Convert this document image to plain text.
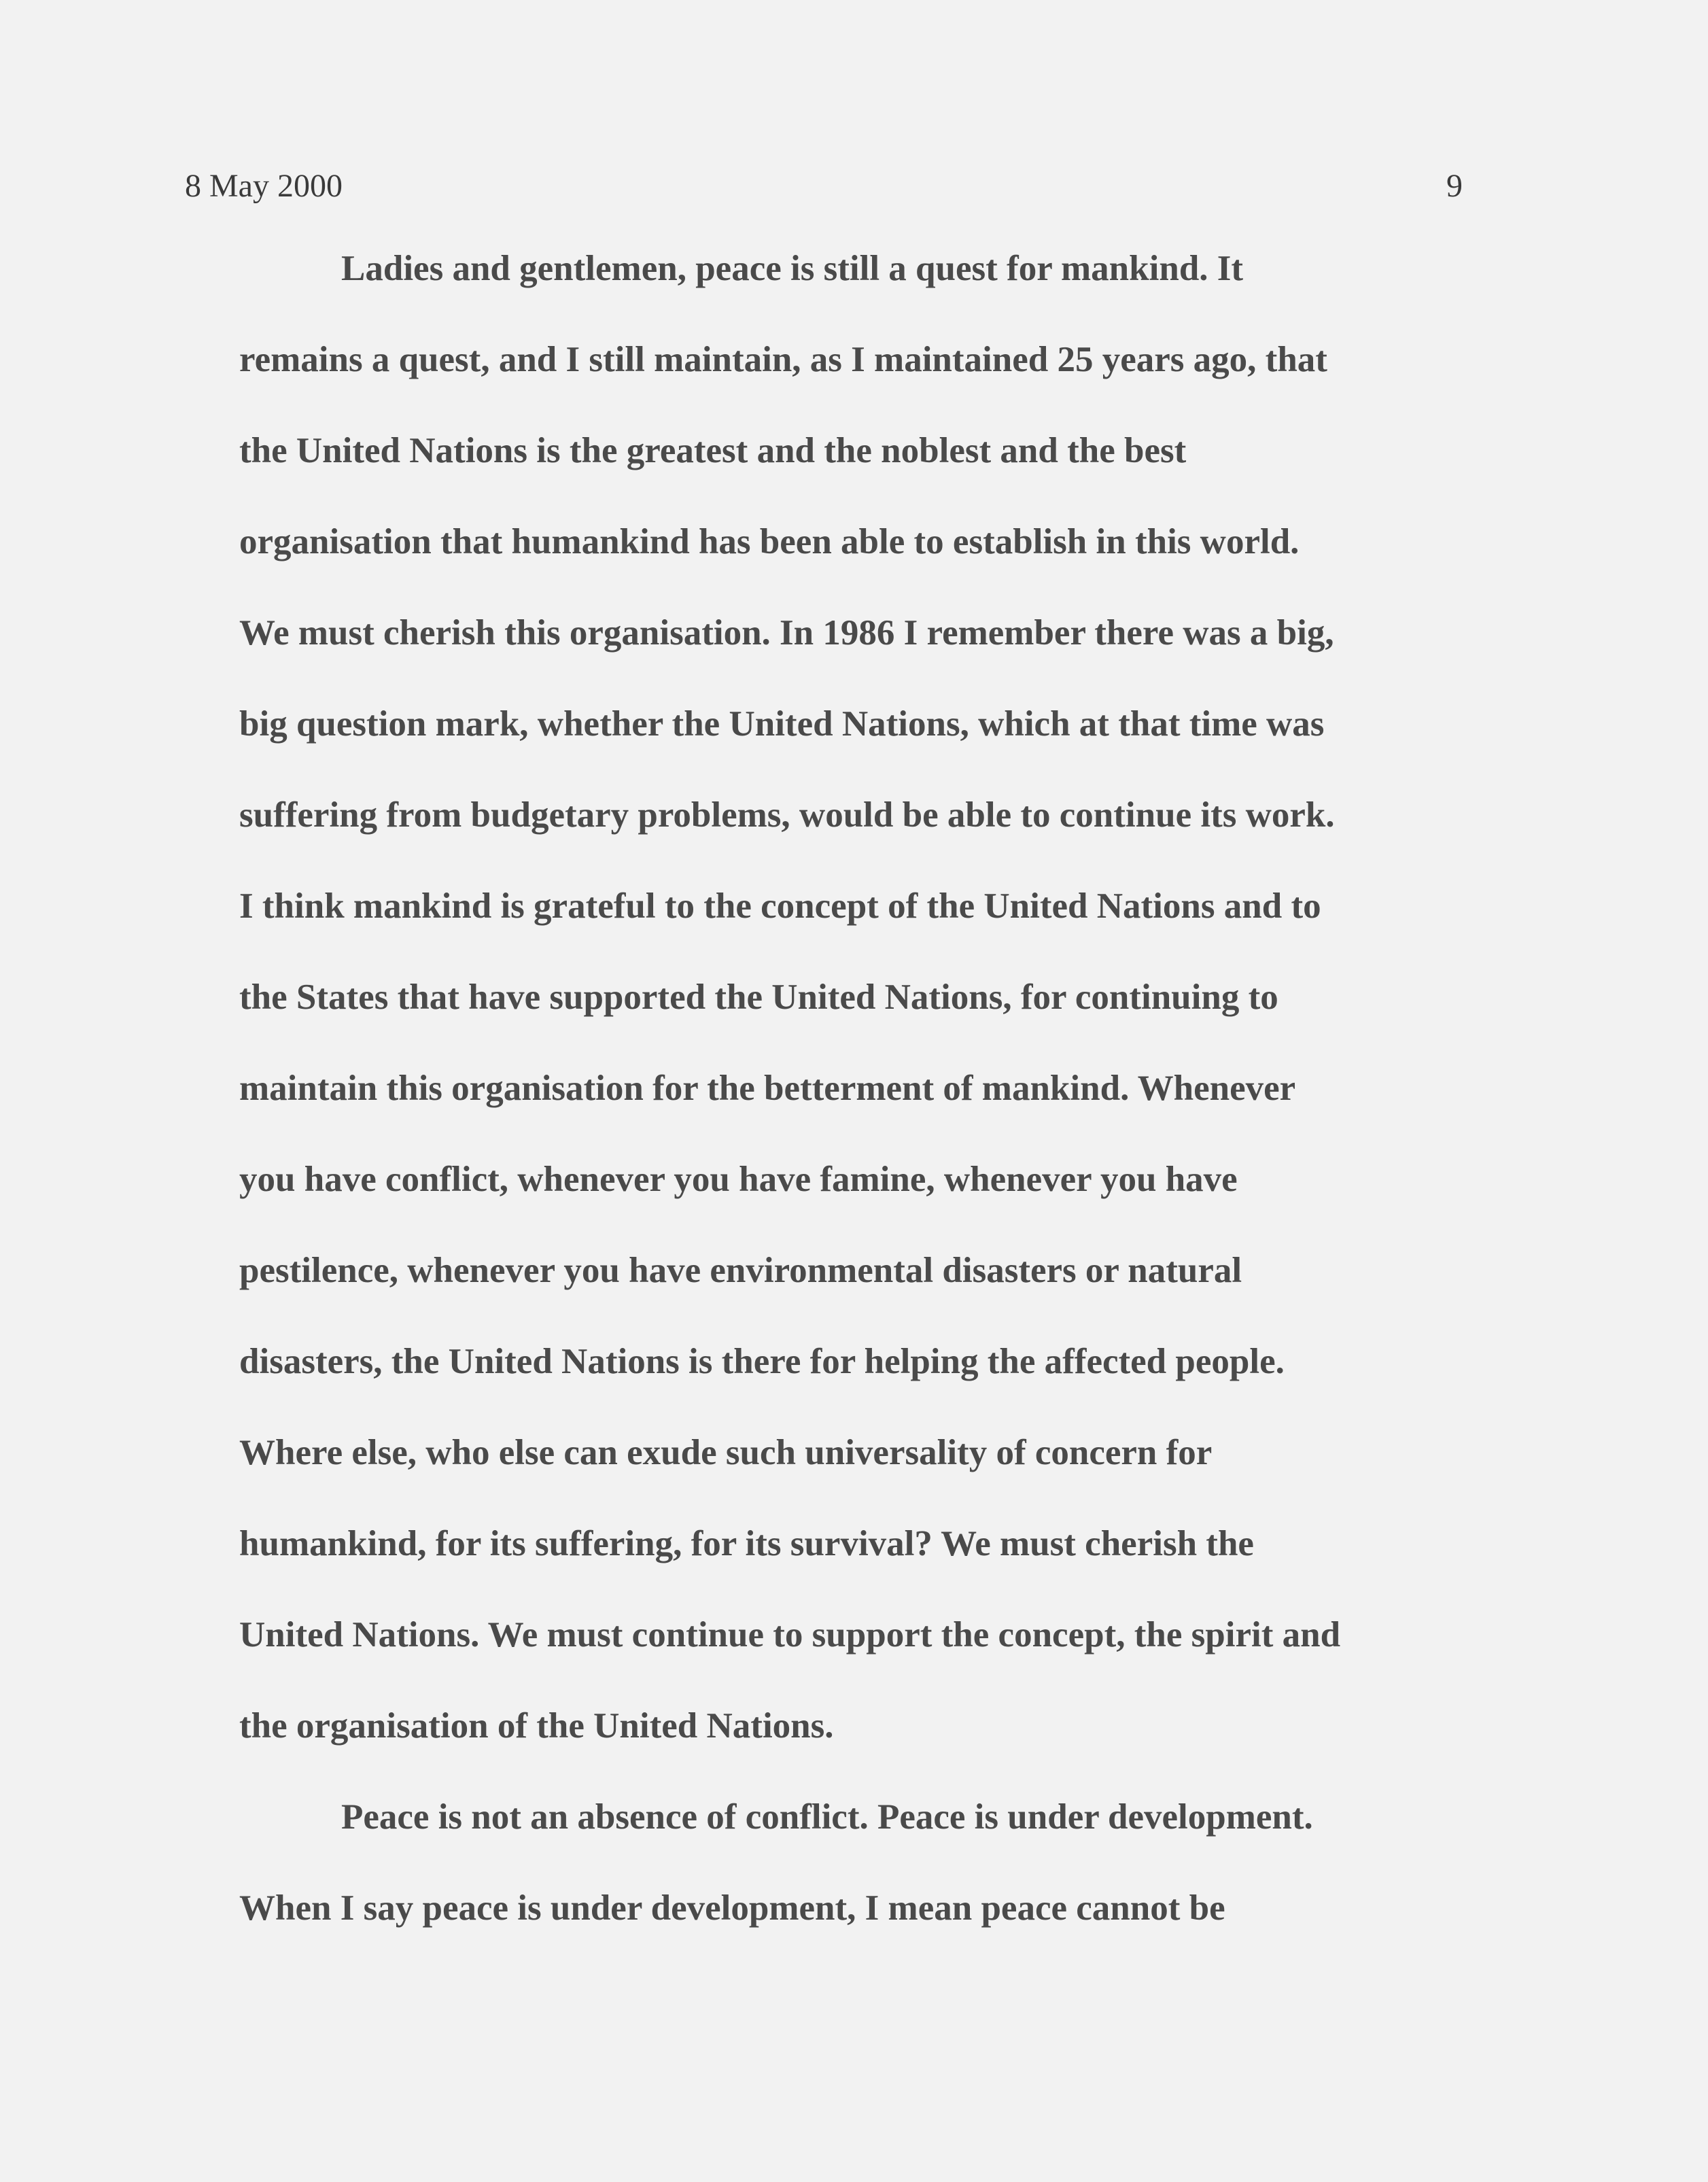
8 May 2000	9
Ladies and gentlemen, peace is still a quest for mankind. It
remains a quest, and I still maintain, as I maintained 25 years ago, that
the United Nations is the greatest and the noblest and the best
organisation that humankind has been able to establish in this world.
We must cherish this organisation. In 1986 I remember there was a big,
big question mark, whether the United Nations, which at that time was
suffering from budgetary problems, would be able to continue its work.
I think mankind is grateful to the concept of the United Nations and to
the States that have supported the United Nations, for continuing to
maintain this organisation for the betterment of mankind. Whenever
you have conflict, whenever you have famine, whenever you have
pestilence, whenever you have environmental disasters or natural
disasters, the United Nations is there for helping the affected people.
Where else, who else can exude such universality of concern for
humankind, for its suffering, for its survival? We must cherish the
United Nations. We must continue to support the concept, the spirit and
the organisation of the United Nations.
Peace is not an absence of conflict. Peace is under development.
When I say peace is under development, I mean peace cannot be
